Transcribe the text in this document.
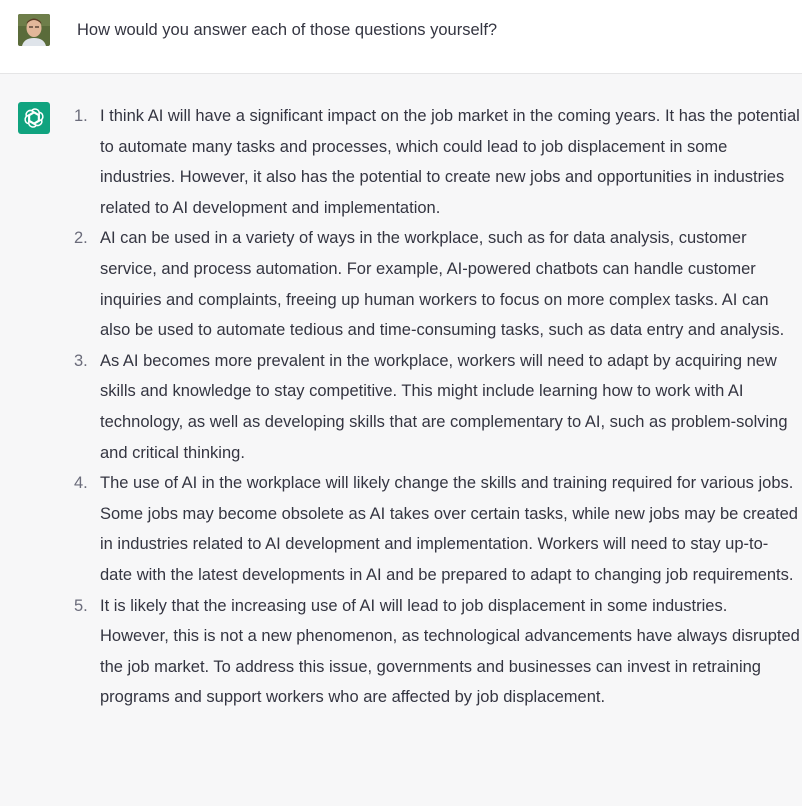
How would you answer each of those questions yourself?
1. I think AI will have a significant impact on the job market in the coming years. It has the potential to automate many tasks and processes, which could lead to job displacement in some industries. However, it also has the potential to create new jobs and opportunities in industries related to AI development and implementation.
2. AI can be used in a variety of ways in the workplace, such as for data analysis, customer service, and process automation. For example, AI-powered chatbots can handle customer inquiries and complaints, freeing up human workers to focus on more complex tasks. AI can also be used to automate tedious and time-consuming tasks, such as data entry and analysis.
3. As AI becomes more prevalent in the workplace, workers will need to adapt by acquiring new skills and knowledge to stay competitive. This might include learning how to work with AI technology, as well as developing skills that are complementary to AI, such as problem-solving and critical thinking.
4. The use of AI in the workplace will likely change the skills and training required for various jobs. Some jobs may become obsolete as AI takes over certain tasks, while new jobs may be created in industries related to AI development and implementation. Workers will need to stay up-to-date with the latest developments in AI and be prepared to adapt to changing job requirements.
5. It is likely that the increasing use of AI will lead to job displacement in some industries. However, this is not a new phenomenon, as technological advancements have always disrupted the job market. To address this issue, governments and businesses can invest in retraining programs and support workers who are affected by job displacement.
